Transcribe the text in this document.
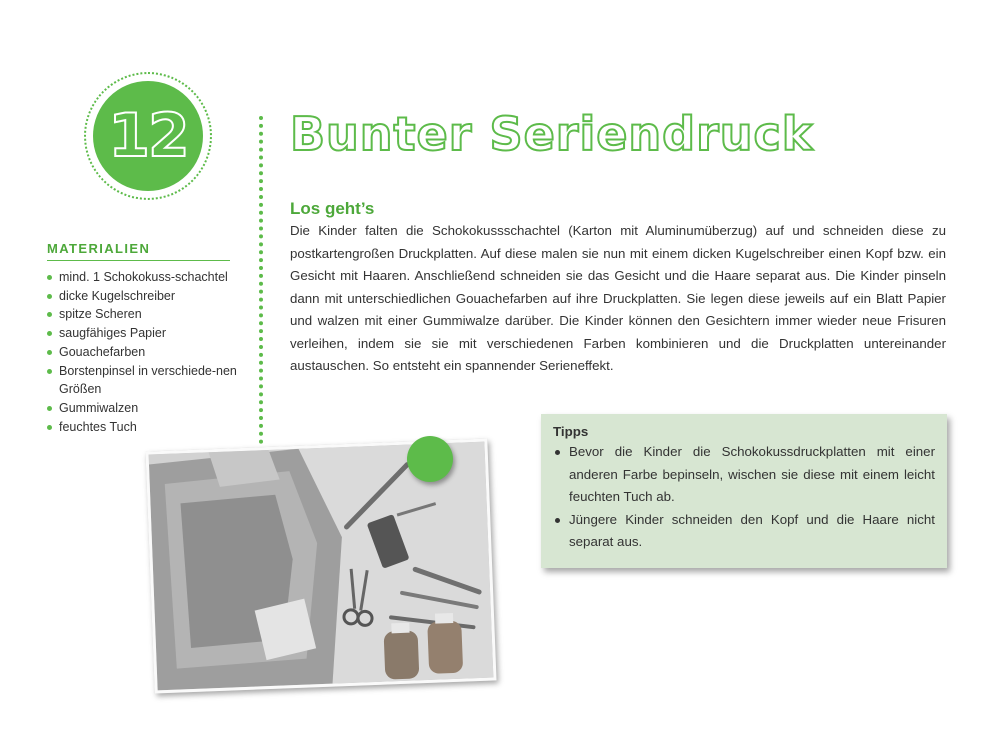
12 Bunter Seriendruck
MATERIALIEN
mind. 1 Schokokuss-schachtel
dicke Kugelschreiber
spitze Scheren
saugfähiges Papier
Gouachefarben
Borstenpinsel in verschiede-nen Größen
Gummiwalzen
feuchtes Tuch
Los geht’s

Die Kinder falten die Schokokussschachtel (Karton mit Aluminumüberzug) auf und schneiden diese zu postkartengroßen Druckplatten. Auf diese malen sie nun mit einem dicken Kugelschreiber einen Kopf bzw. ein Gesicht mit Haaren. Anschließend schneiden sie das Gesicht und die Haare separat aus. Die Kinder pinseln dann mit unterschiedlichen Gouachefarben auf ihre Druckplatten. Sie legen diese jeweils auf ein Blatt Papier und walzen mit einer Gummiwalze darüber. Die Kinder können den Gesichtern immer wieder neue Frisuren verleihen, indem sie sie mit verschiedenen Farben kombinieren und die Druckplatten untereinander austauschen. So entsteht ein spannender Serieneffekt.

Tipps
Bevor die Kinder die Schokokussdruckplatten mit einer anderen Farbe bepinseln, wischen sie diese mit einem leicht feuchten Tuch ab.
Jüngere Kinder schneiden den Kopf und die Haare nicht separat aus.
